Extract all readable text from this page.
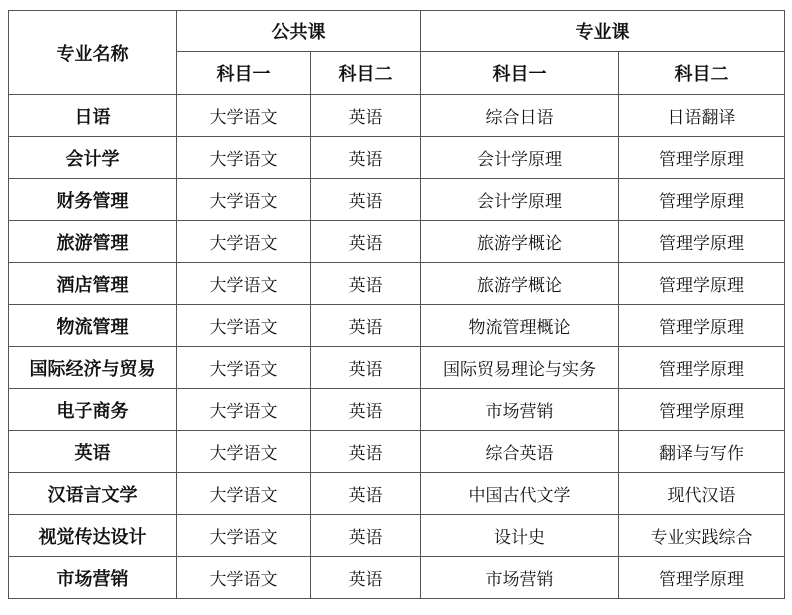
专业名称	公共课		专业课	
	科目一	科目二	科目一	科目二
日语	大学语文	英语	综合日语	日语翻译
会计学	大学语文	英语	会计学原理	管理学原理
财务管理	大学语文	英语	会计学原理	管理学原理
旅游管理	大学语文	英语	旅游学概论	管理学原理
酒店管理	大学语文	英语	旅游学概论	管理学原理
物流管理	大学语文	英语	物流管理概论	管理学原理
国际经济与贸易	大学语文	英语	国际贸易理论与实务	管理学原理
电子商务	大学语文	英语	市场营销	管理学原理
英语	大学语文	英语	综合英语	翻译与写作
汉语言文学	大学语文	英语	中国古代文学	现代汉语
视觉传达设计	大学语文	英语	设计史	专业实践综合
市场营销	大学语文	英语	市场营销	管理学原理
